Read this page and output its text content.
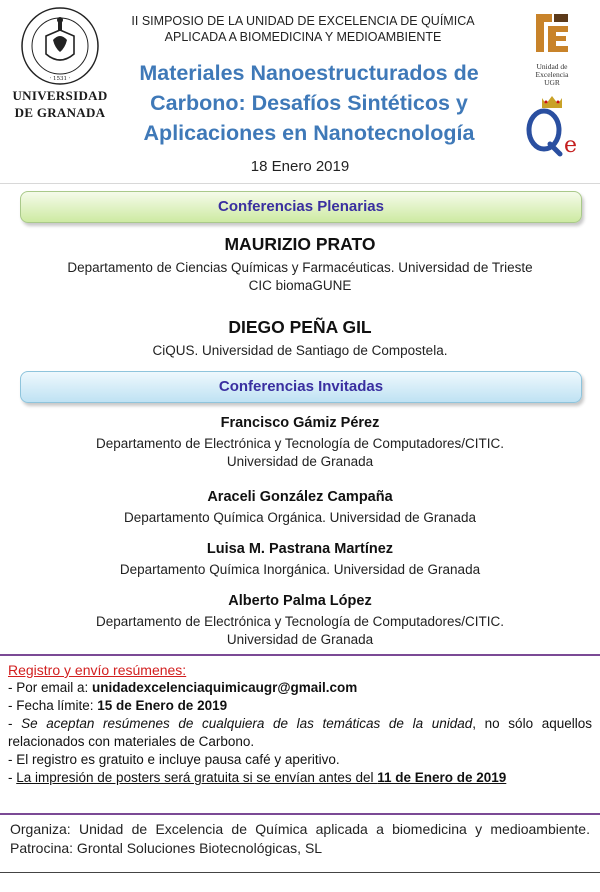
· 1531 ·
UNIVERSIDAD
DE GRANADA
II SIMPOSIO DE LA UNIDAD DE EXCELENCIA DE QUÍMICA
APLICADA A BIOMEDICINA Y MEDIOAMBIENTE
Materiales Nanoestructurados de
Carbono: Desafíos Sintéticos y
Aplicaciones en Nanotecnología
18 Enero 2019
Unidad de
Excelencia
UGR
e
Conferencias Plenarias
MAURIZIO PRATO
Departamento de Ciencias Químicas y Farmacéuticas. Universidad de Trieste
CIC biomaGUNE
DIEGO PEÑA GIL
CiQUS. Universidad de Santiago de Compostela.
Conferencias Invitadas
Francisco Gámiz Pérez
Departamento de Electrónica y Tecnología de Computadores/CITIC.
Universidad de Granada
Araceli González Campaña
Departamento Química Orgánica. Universidad de Granada
Luisa M. Pastrana Martínez
Departamento Química Inorgánica. Universidad de Granada
Alberto Palma López
Departamento de Electrónica y Tecnología de Computadores/CITIC.
Universidad de Granada

Registro y envío resúmenes:

- Por email a: unidadexcelenciaquimicaugr@gmail.com

- Fecha límite: 15 de Enero de 2019

- Se aceptan resúmenes de cualquiera de las temáticas de la unidad, no sólo aquellos relacionados con materiales de Carbono.

- El registro es gratuito e incluye pausa café y aperitivo.

- La impresión de posters será gratuita si se envían antes del 11 de Enero de 2019

Organiza: Unidad de Excelencia de Química aplicada a biomedicina y medioambiente. Patrocina: Grontal Soluciones Biotecnológicas, SL
